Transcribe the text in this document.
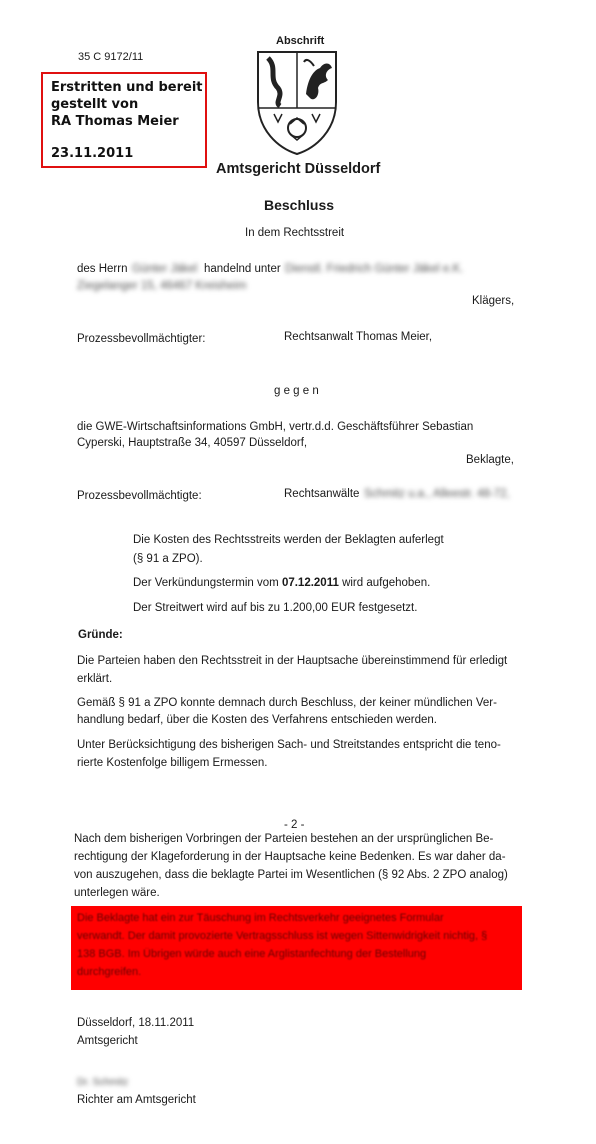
35 C 9172/11
Abschrift
Amtsgericht Düsseldorf
Erstritten und bereit
gestellt von
RA Thomas Meier
23.11.2011
Beschluss
In dem Rechtsstreit
des Herrn Günter Jäkel handelnd unter Dienstl. Friedrich Günter Jäkel e.K.
Ziegelanger 15, 46467 Kreisheim
Klägers,
Prozessbevollmächtigter:	Rechtsanwalt Thomas Meier,
g e g e n
die GWE-Wirtschaftsinformations GmbH, vertr.d.d. Geschäftsführer Sebastian
Cyperski, Hauptstraße 34, 40597 Düsseldorf,
Beklagte,
Prozessbevollmächtigte:	Rechtsanwälte Schmitz u.a., Alleestr. 48-72,
Die Kosten des Rechtsstreits werden der Beklagten auferlegt
(§ 91 a ZPO).
Der Verkündungstermin vom 07.12.2011 wird aufgehoben.
Der Streitwert wird auf bis zu 1.200,00 EUR festgesetzt.
Gründe:
Die Parteien haben den Rechtsstreit in der Hauptsache übereinstimmend für erledigt
erklärt.
Gemäß § 91 a ZPO konnte demnach durch Beschluss, der keiner mündlichen Ver-
handlung bedarf, über die Kosten des Verfahrens entschieden werden.
Unter Berücksichtigung des bisherigen Sach- und Streitstandes entspricht die teno-
rierte Kostenfolge billigem Ermessen.
- 2 -
Nach dem bisherigen Vorbringen der Parteien bestehen an der ursprünglichen Be-
rechtigung der Klageforderung in der Hauptsache keine Bedenken. Es war daher da-
von auszugehen, dass die beklagte Partei im Wesentlichen (§ 92 Abs. 2 ZPO analog)
unterlegen wäre.
Die Beklagte hat ein zur Täuschung im Rechtsverkehr geeignetes Formular
verwandt. Der damit provozierte Vertragsschluss ist wegen Sittenwidrigkeit nichtig, §
138 BGB. Im Übrigen würde auch eine Arglistanfechtung der Bestellung
durchgreifen.
Düsseldorf, 18.11.2011
Amtsgericht
Dr. Schmitz
Richter am Amtsgericht
